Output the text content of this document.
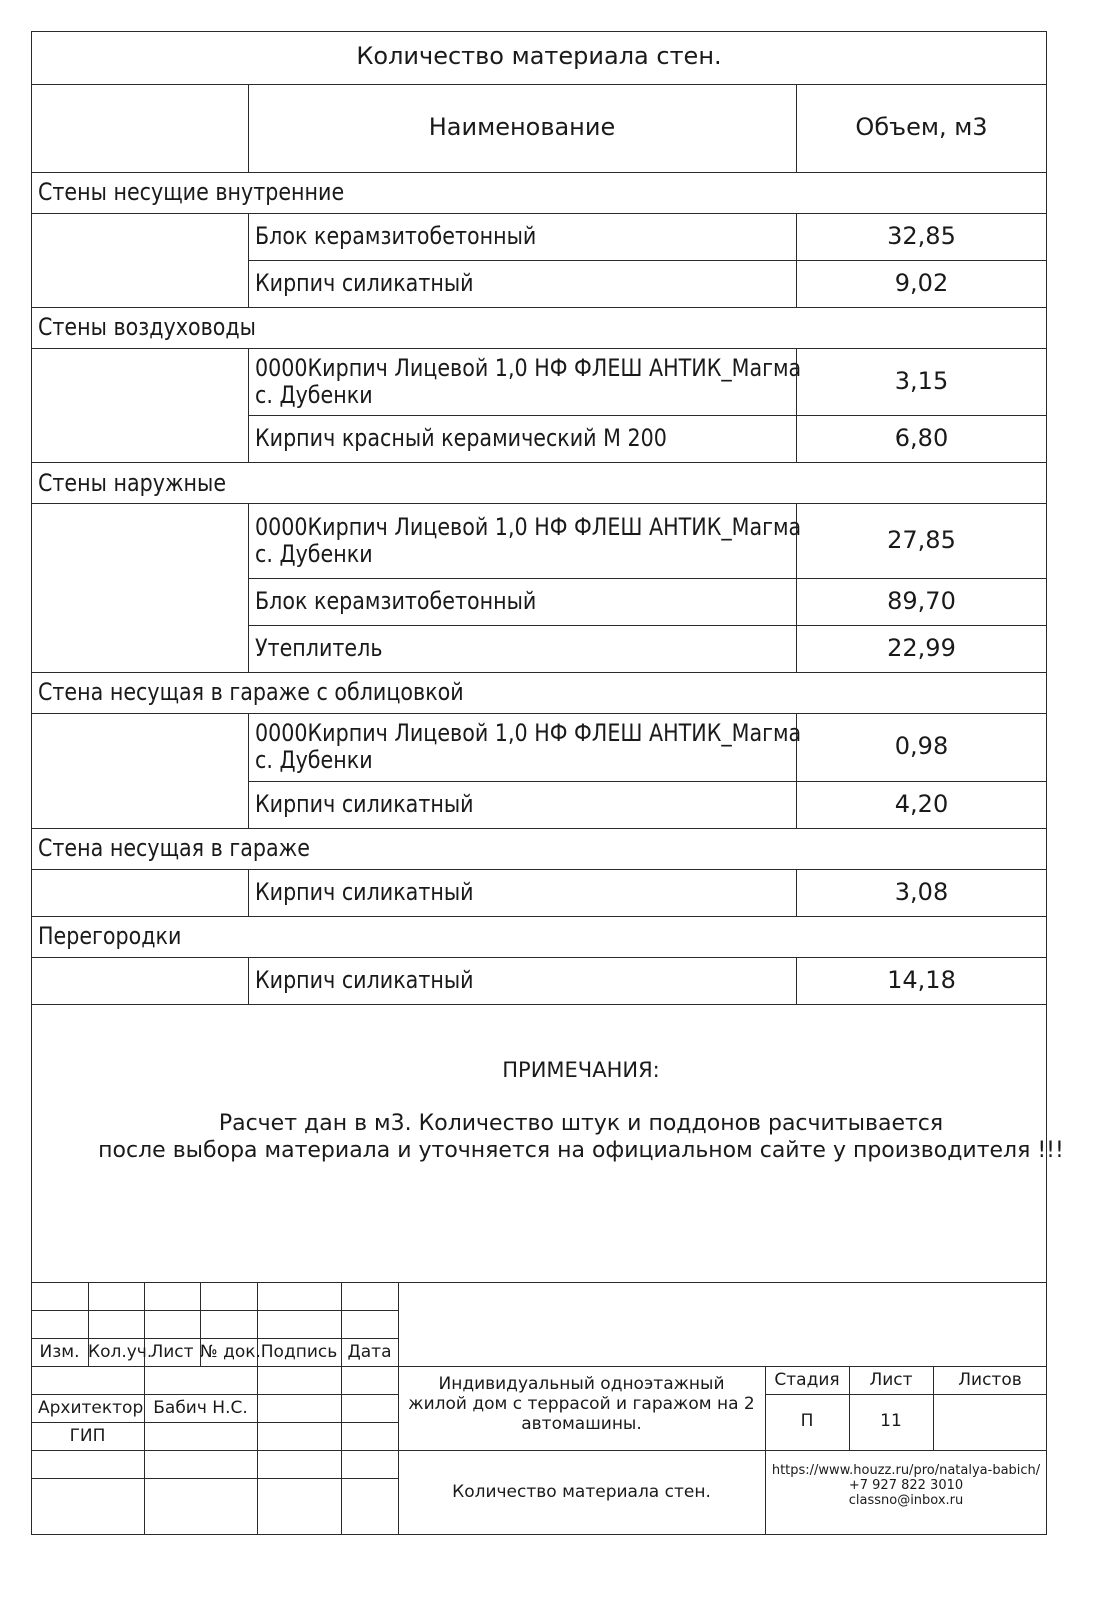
Количество материала стен.
Наименование	Объем, м3
Стены несущие внутренние
Блок керамзитобетонный	32,85
Кирпич силикатный	9,02
Стены воздуховоды
0000Кирпич Лицевой 1,0 НФ ФЛЕШ АНТИК_Магма
с. Дубенки	3,15
Кирпич красный керамический М 200	6,80
Стены наружные
0000Кирпич Лицевой 1,0 НФ ФЛЕШ АНТИК_Магма
с. Дубенки	27,85
Блок керамзитобетонный	89,70
Утеплитель	22,99
Стена несущая в гараже с облицовкой
0000Кирпич Лицевой 1,0 НФ ФЛЕШ АНТИК_Магма
с. Дубенки	0,98
Кирпич силикатный	4,20
Стена несущая в гараже
Кирпич силикатный	3,08
Перегородки
Кирпич силикатный	14,18
ПРИМЕЧАНИЯ:
Расчет дан в м3. Количество штук и поддонов расчитывается
после выбора материала и уточняется на официальном сайте у производителя !!!
Изм. Кол.уч.
Лист № док. Подпись Дата
Архитектор Бабич Н.С.
ГИП
Индивидуальный одноэтажный
жилой дом с террасой и гаражом на 2
автомашины.
Количество материала стен.
Стадия	Лист	Листов
П	11
https://www.houzz.ru/pro/natalya-babich/
+7 927 822 3010
classno@inbox.ru
